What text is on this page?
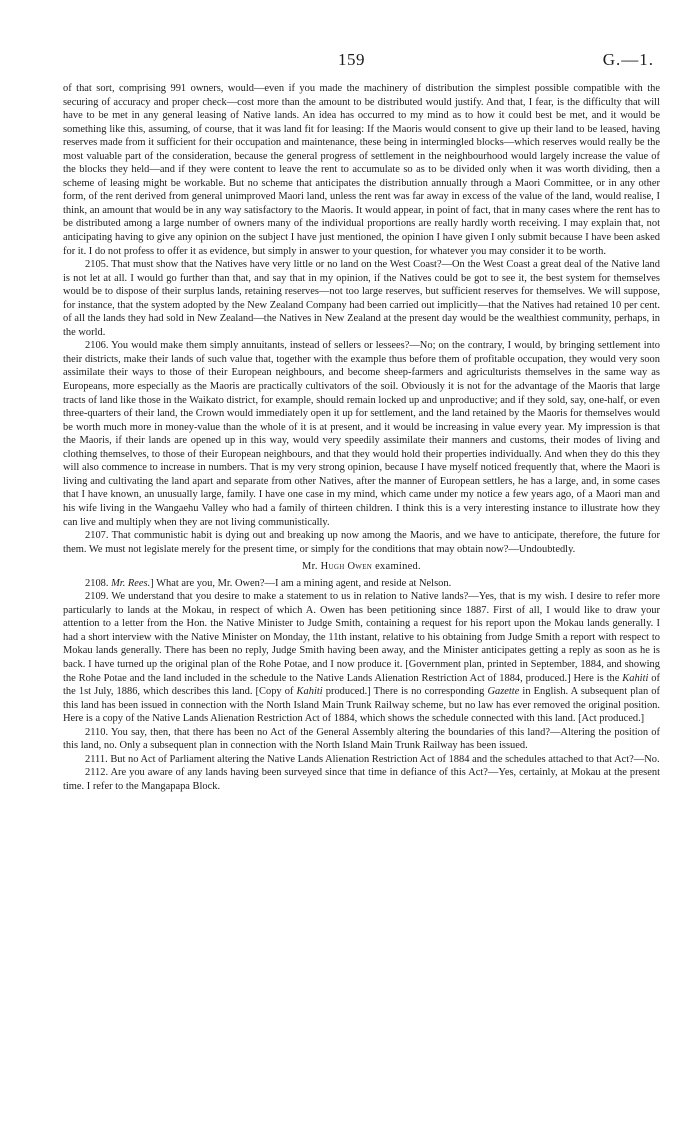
159	G.—1.

of that sort, comprising 991 owners, would—even if you made the machinery of distribution the simplest possible compatible with the securing of accuracy and proper check—cost more than the amount to be distributed would justify. And that, I fear, is the difficulty that will have to be met in any general leasing of Native lands. An idea has occurred to my mind as to how it could best be met, and it would be something like this, assuming, of course, that it was land fit for leasing: If the Maoris would consent to give up their land to be leased, having reserves made from it sufficient for their occupation and maintenance, these being in intermingled blocks—which reserves would really be the most valuable part of the consideration, because the general progress of settlement in the neighbourhood would largely increase the value of the blocks they held—and if they were content to leave the rent to accumulate so as to be divided only when it was worth dividing, then a scheme of leasing might be workable. But no scheme that anticipates the distribution annually through a Maori Committee, or in any other form, of the rent derived from general unimproved Maori land, unless the rent was far away in excess of the value of the land, would realise, I think, an amount that would be in any way satisfactory to the Maoris. It would appear, in point of fact, that in many cases where the rent has to be distributed among a large number of owners many of the individual proportions are really hardly worth receiving. I may explain that, not anticipating having to give any opinion on the subject I have just mentioned, the opinion I have given I only submit because I have been asked for it. I do not profess to offer it as evidence, but simply in answer to your question, for whatever you may consider it to be worth.

2105. That must show that the Natives have very little or no land on the West Coast?—On the West Coast a great deal of the Native land is not let at all. I would go further than that, and say that in my opinion, if the Natives could be got to see it, the best system for themselves would be to dispose of their surplus lands, retaining reserves—not too large reserves, but sufficient reserves for themselves. We will suppose, for instance, that the system adopted by the New Zealand Company had been carried out implicitly—that the Natives had retained 10 per cent. of all the lands they had sold in New Zealand—the Natives in New Zealand at the present day would be the wealthiest community, perhaps, in the world.

2106. You would make them simply annuitants, instead of sellers or lessees?—No; on the contrary, I would, by bringing settlement into their districts, make their lands of such value that, together with the example thus before them of profitable occupation, they would very soon assimilate their ways to those of their European neighbours, and become sheep-farmers and agriculturists themselves in the same way as Europeans, more especially as the Maoris are practically cultivators of the soil. Obviously it is not for the advantage of the Maoris that large tracts of land like those in the Waikato district, for example, should remain locked up and unproductive; and if they sold, say, one-half, or even three-quarters of their land, the Crown would immediately open it up for settlement, and the land retained by the Maoris for themselves would be worth much more in money-value than the whole of it is at present, and it would be increasing in value every year. My impression is that the Maoris, if their lands are opened up in this way, would very speedily assimilate their manners and customs, their modes of living and clothing themselves, to those of their European neighbours, and that they would hold their properties individually. And when they do this they will also commence to increase in numbers. That is my very strong opinion, because I have myself noticed frequently that, where the Maori is living and cultivating the land apart and separate from other Natives, after the manner of European settlers, he has a large, and, in some cases that I have known, an unusually large, family. I have one case in my mind, which came under my notice a few years ago, of a Maori man and his wife living in the Wangaehu Valley who had a family of thirteen children. I think this is a very interesting instance to illustrate how they can live and multiply when they are not living communistically.

2107. That communistic habit is dying out and breaking up now among the Maoris, and we have to anticipate, therefore, the future for them. We must not legislate merely for the present time, or simply for the conditions that may obtain now?—Undoubtedly.

Mr. Hugh Owen examined.

2108. Mr. Rees.] What are you, Mr. Owen?—I am a mining agent, and reside at Nelson.

2109. We understand that you desire to make a statement to us in relation to Native lands?—Yes, that is my wish. I desire to refer more particularly to lands at the Mokau, in respect of which A. Owen has been petitioning since 1887. First of all, I would like to draw your attention to a letter from the Hon. the Native Minister to Judge Smith, containing a request for his report upon the Mokau lands generally. I had a short interview with the Native Minister on Monday, the 11th instant, relative to his obtaining from Judge Smith a report with respect to Mokau lands generally. There has been no reply, Judge Smith having been away, and the Minister anticipates getting a reply as soon as he is back. I have turned up the original plan of the Rohe Potae, and I now produce it. [Government plan, printed in September, 1884, and showing the Rohe Potae and the land included in the schedule to the Native Lands Alienation Restriction Act of 1884, produced.] Here is the Kahiti of the 1st July, 1886, which describes this land. [Copy of Kahiti produced.] There is no corresponding Gazette in English. A subsequent plan of this land has been issued in connection with the North Island Main Trunk Railway scheme, but no law has ever removed the original position. Here is a copy of the Native Lands Alienation Restriction Act of 1884, which shows the schedule connected with this land. [Act produced.]

2110. You say, then, that there has been no Act of the General Assembly altering the boundaries of this land?—Altering the position of this land, no. Only a subsequent plan in connection with the North Island Main Trunk Railway has been issued.

2111. But no Act of Parliament altering the Native Lands Alienation Restriction Act of 1884 and the schedules attached to that Act?—No.

2112. Are you aware of any lands having been surveyed since that time in defiance of this Act?—Yes, certainly, at Mokau at the present time. I refer to the Mangapapa Block.
